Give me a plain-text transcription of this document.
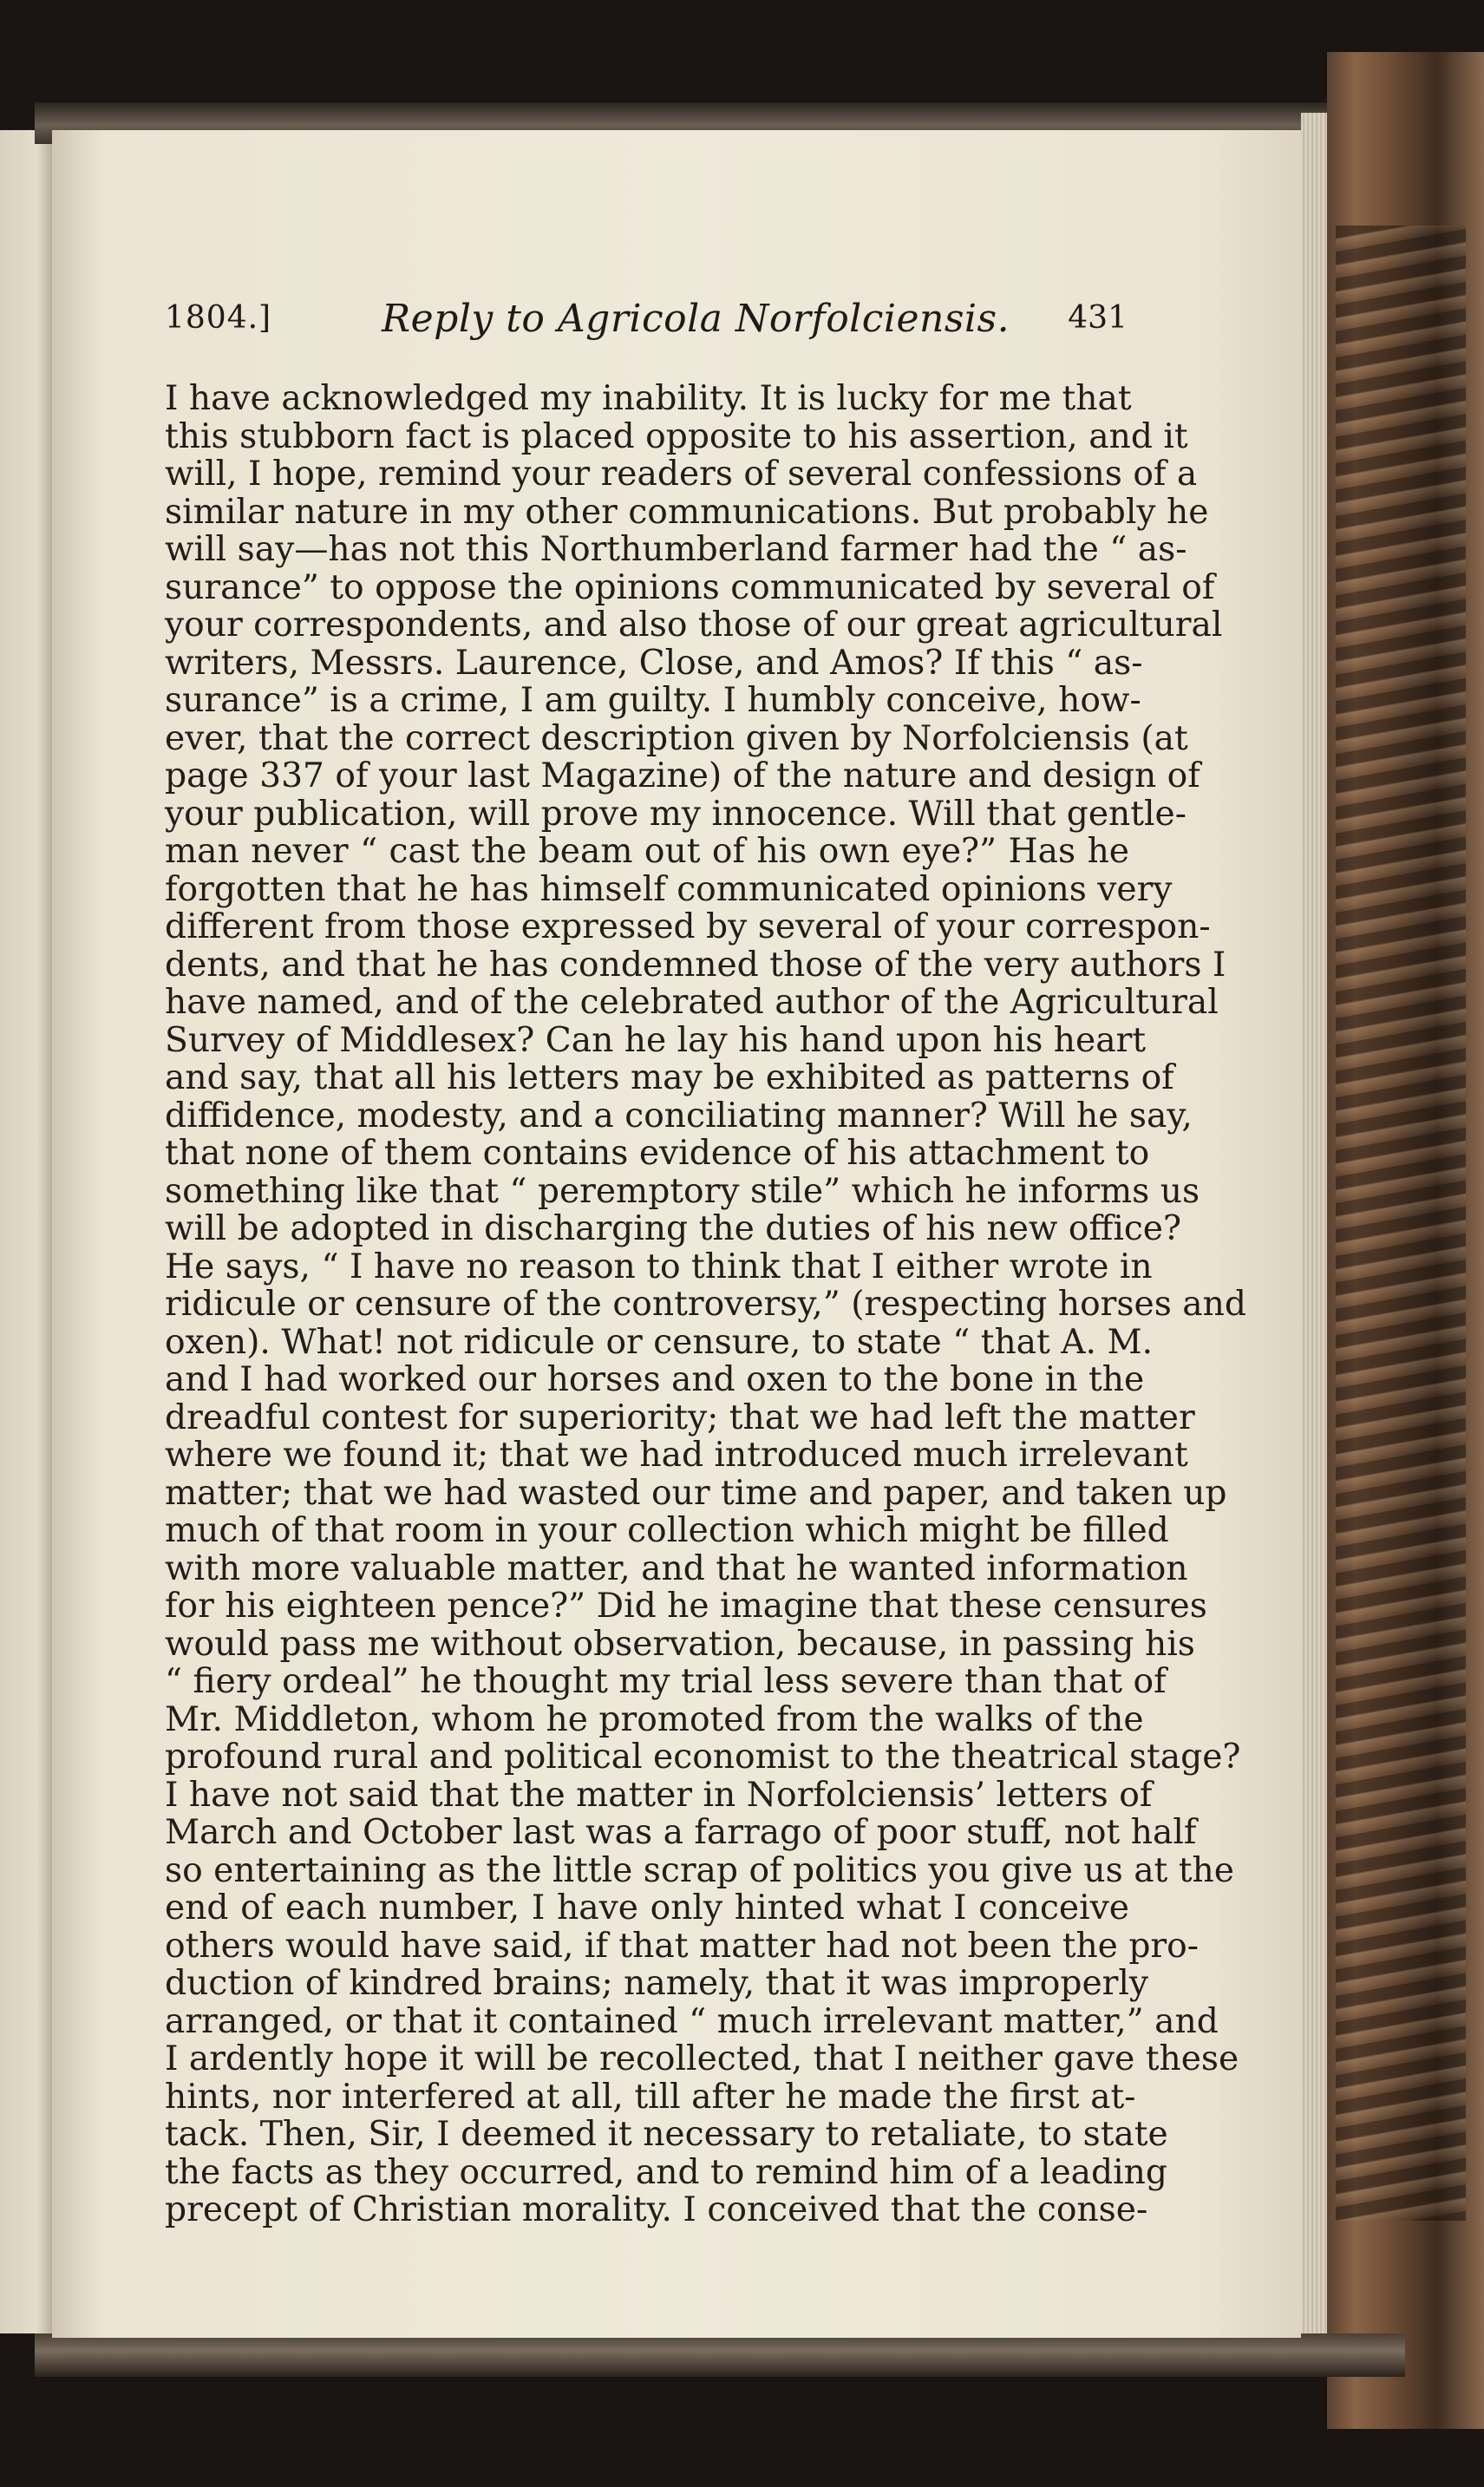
1804.]	Reply to Agricola Norfolciensis. 431
I have acknowledged my inability. It is lucky for me that
this stubborn fact is placed opposite to his assertion, and it
will, I hope, remind your readers of several confessions of a
similar nature in my other communications. But probably he
will say—has not this Northumberland farmer had the “ as-
surance” to oppose the opinions communicated by several of
your correspondents, and also those of our great agricultural
writers, Messrs. Laurence, Close, and Amos? If this “ as-
surance” is a crime, I am guilty. I humbly conceive, how-
ever, that the correct description given by Norfolciensis (at
page 337 of your last Magazine) of the nature and design of
your publication, will prove my innocence. Will that gentle-
man never “ cast the beam out of his own eye?” Has he
forgotten that he has himself communicated opinions very
different from those expressed by several of your correspon-
dents, and that he has condemned those of the very authors I
have named, and of the celebrated author of the Agricultural
Survey of Middlesex? Can he lay his hand upon his heart
and say, that all his letters may be exhibited as patterns of
diffidence, modesty, and a conciliating manner? Will he say,
that none of them contains evidence of his attachment to
something like that “ peremptory stile” which he informs us
will be adopted in discharging the duties of his new office?
He says, “ I have no reason to think that I either wrote in
ridicule or censure of the controversy,” (respecting horses and
oxen). What! not ridicule or censure, to state “ that A. M.
and I had worked our horses and oxen to the bone in the
dreadful contest for superiority; that we had left the matter
where we found it; that we had introduced much irrelevant
matter; that we had wasted our time and paper, and taken up
much of that room in your collection which might be filled
with more valuable matter, and that he wanted information
for his eighteen pence?” Did he imagine that these censures
would pass me without observation, because, in passing his
“ fiery ordeal” he thought my trial less severe than that of
Mr. Middleton, whom he promoted from the walks of the
profound rural and political economist to the theatrical stage?
I have not said that the matter in Norfolciensis’ letters of
March and October last was a farrago of poor stuff, not half
so entertaining as the little scrap of politics you give us at the
end of each number, I have only hinted what I conceive
others would have said, if that matter had not been the pro-
duction of kindred brains; namely, that it was improperly
arranged, or that it contained “ much irrelevant matter,” and
I ardently hope it will be recollected, that I neither gave these
hints, nor interfered at all, till after he made the first at-
tack. Then, Sir, I deemed it necessary to retaliate, to state
the facts as they occurred, and to remind him of a leading
precept of Christian morality. I conceived that the conse-
